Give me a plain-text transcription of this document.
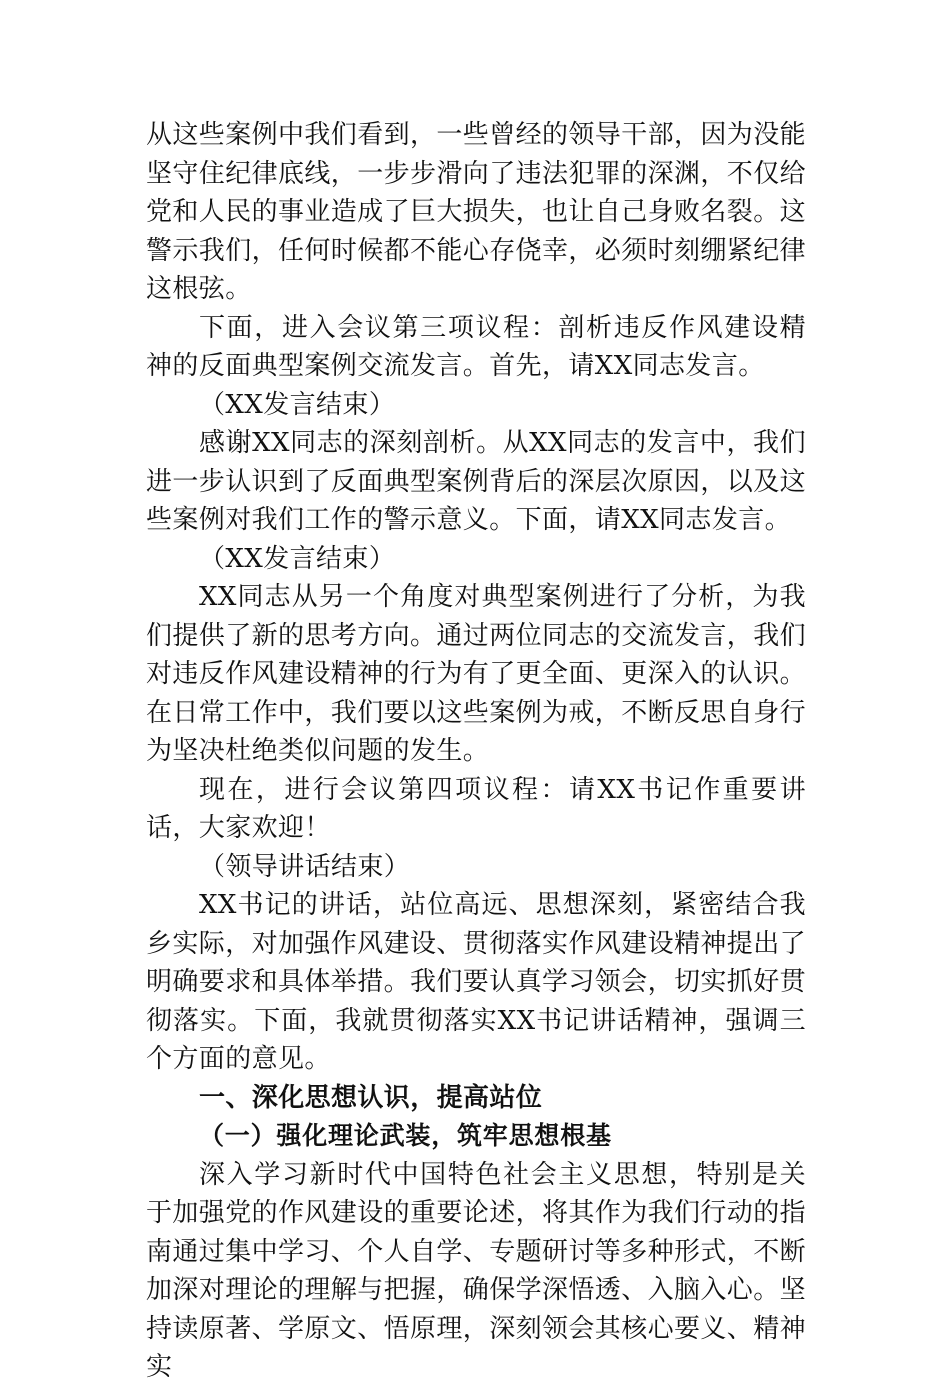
从这些案例中我们看到，一些曾经的领导干部，因为没能坚守住纪律底线，一步步滑向了违法犯罪的深渊，不仅给党和人民的事业造成了巨大损失，也让自己身败名裂。这警示我们，任何时候都不能心存侥幸，必须时刻绷紧纪律这根弦。

下面，进入会议第三项议程：剖析违反作风建设精神的反面典型案例交流发言。首先，请XX同志发言。

（XX发言结束）

感谢XX同志的深刻剖析。从XX同志的发言中，我们进一步认识到了反面典型案例背后的深层次原因，以及这些案例对我们工作的警示意义。下面，请XX同志发言。

（XX发言结束）

XX同志从另一个角度对典型案例进行了分析，为我们提供了新的思考方向。通过两位同志的交流发言，我们对违反作风建设精神的行为有了更全面、更深入的认识。在日常工作中，我们要以这些案例为戒，不断反思自身行为坚决杜绝类似问题的发生。

现在，进行会议第四项议程：请XX书记作重要讲话，大家欢迎！

（领导讲话结束）

XX书记的讲话，站位高远、思想深刻，紧密结合我乡实际，对加强作风建设、贯彻落实作风建设精神提出了明确要求和具体举措。我们要认真学习领会，切实抓好贯彻落实。下面，我就贯彻落实XX书记讲话精神，强调三个方面的意见。

一、深化思想认识，提高站位

（一）强化理论武装，筑牢思想根基

深入学习新时代中国特色社会主义思想，特别是关于加强党的作风建设的重要论述，将其作为我们行动的指南通过集中学习、个人自学、专题研讨等多种形式，不断加深对理论的理解与把握，确保学深悟透、入脑入心。坚持读原著、学原文、悟原理，深刻领会其核心要义、精神实
